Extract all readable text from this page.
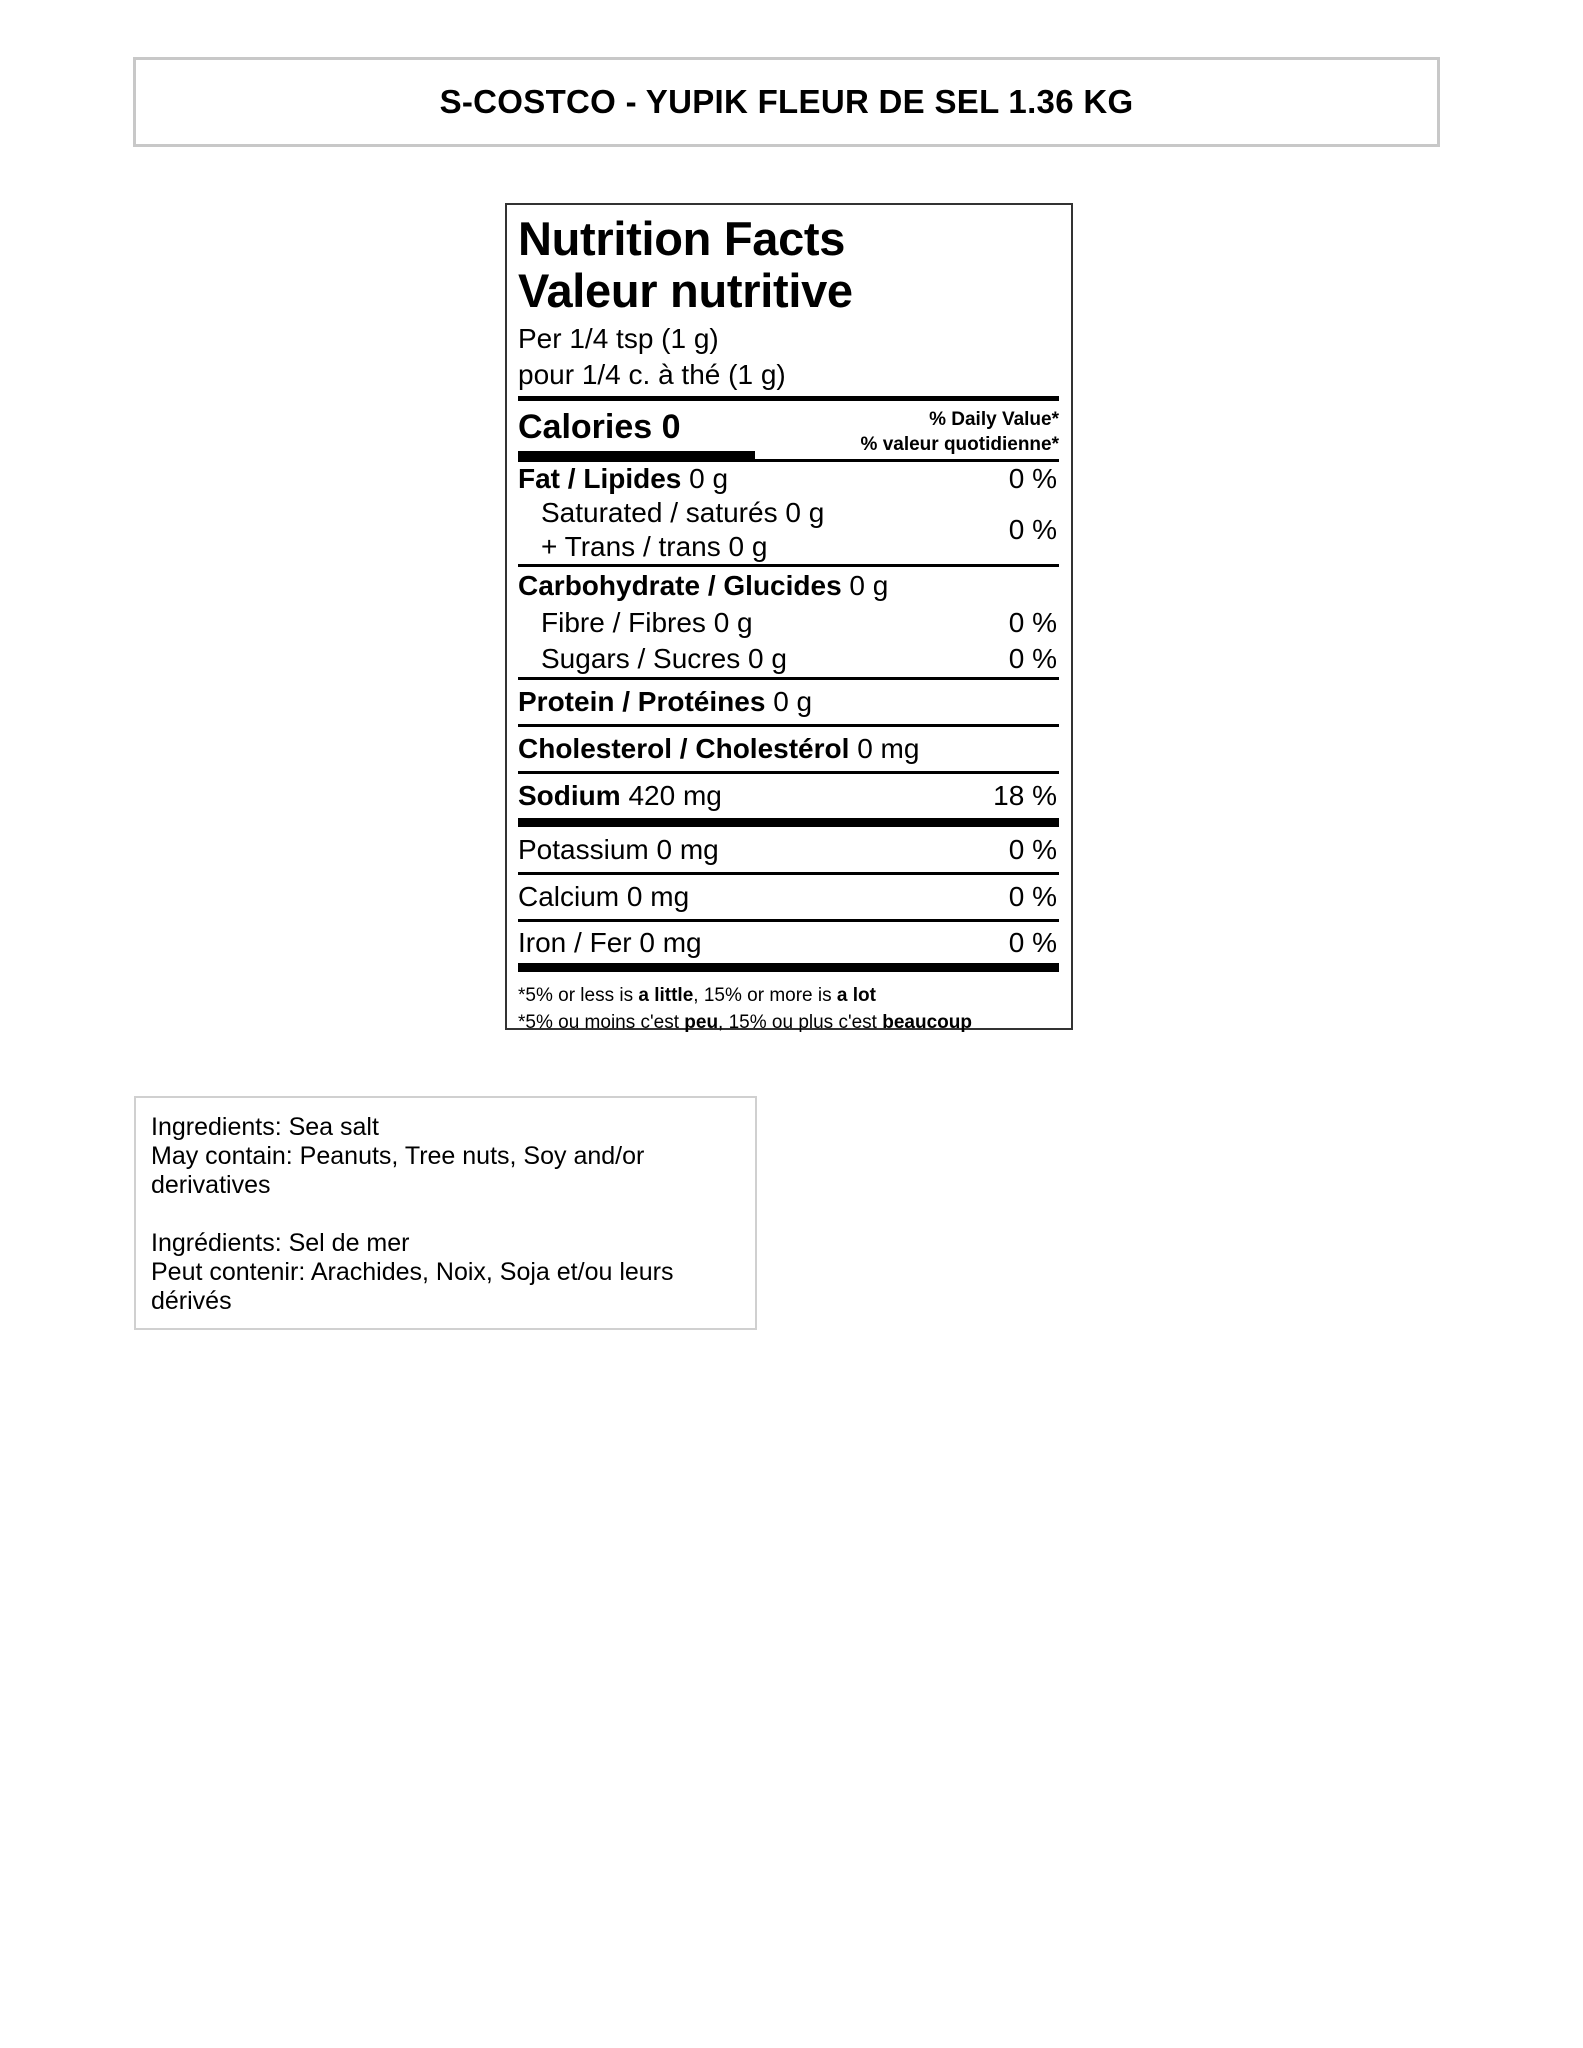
S-COSTCO - YUPIK FLEUR DE SEL 1.36 KG
Nutrition Facts
Valeur nutritive
Per 1/4 tsp (1 g)
pour 1/4 c. à thé (1 g)
Calories 0	% Daily Value*
% valeur quotidienne*
Fat / Lipides 0 g	0 %
Saturated / saturés 0 g
+ Trans / trans 0 g
0 %
Carbohydrate / Glucides 0 g
Fibre / Fibres 0 g	0 %
Sugars / Sucres 0 g	0 %
Protein / Protéines 0 g
Cholesterol / Cholestérol 0 mg
Sodium 420 mg	18 %
Potassium 0 mg	0 %
Calcium 0 mg	0 %
Iron / Fer 0 mg	0 %
*5% or less is a little, 15% or more is a lot
*5% ou moins c'est peu, 15% ou plus c'est beaucoup

Ingredients: Sea salt

May contain: Peanuts, Tree nuts, Soy and/or

derivatives

Ingrédients: Sel de mer

Peut contenir: Arachides, Noix, Soja et/ou leurs

dérivés
